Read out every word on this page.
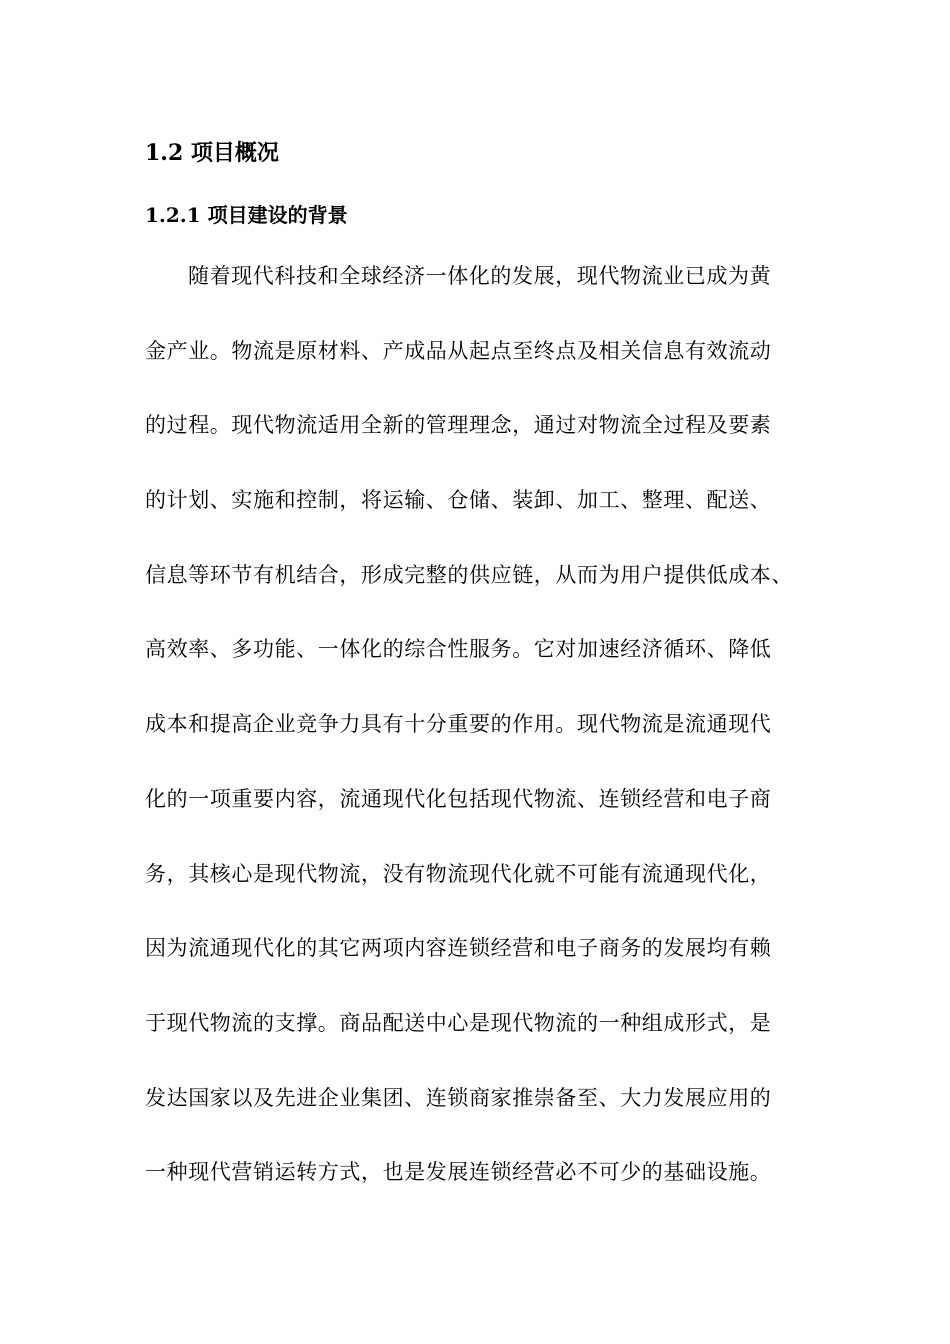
1.2 项目概况
1.2.1 项目建设的背景
随着现代科技和全球经济一体化的发展，现代物流业已成为黄
金产业。物流是原材料、产成品从起点至终点及相关信息有效流动
的过程。现代物流适用全新的管理理念，通过对物流全过程及要素
的计划、实施和控制，将运输、仓储、装卸、加工、整理、配送、
信息等环节有机结合，形成完整的供应链，从而为用户提供低成本、
高效率、多功能、一体化的综合性服务。它对加速经济循环、降低
成本和提高企业竞争力具有十分重要的作用。现代物流是流通现代
化的一项重要内容，流通现代化包括现代物流、连锁经营和电子商
务，其核心是现代物流，没有物流现代化就不可能有流通现代化，
因为流通现代化的其它两项内容连锁经营和电子商务的发展均有赖
于现代物流的支撑。商品配送中心是现代物流的一种组成形式，是
发达国家以及先进企业集团、连锁商家推崇备至、大力发展应用的
一种现代营销运转方式，也是发展连锁经营必不可少的基础设施。
